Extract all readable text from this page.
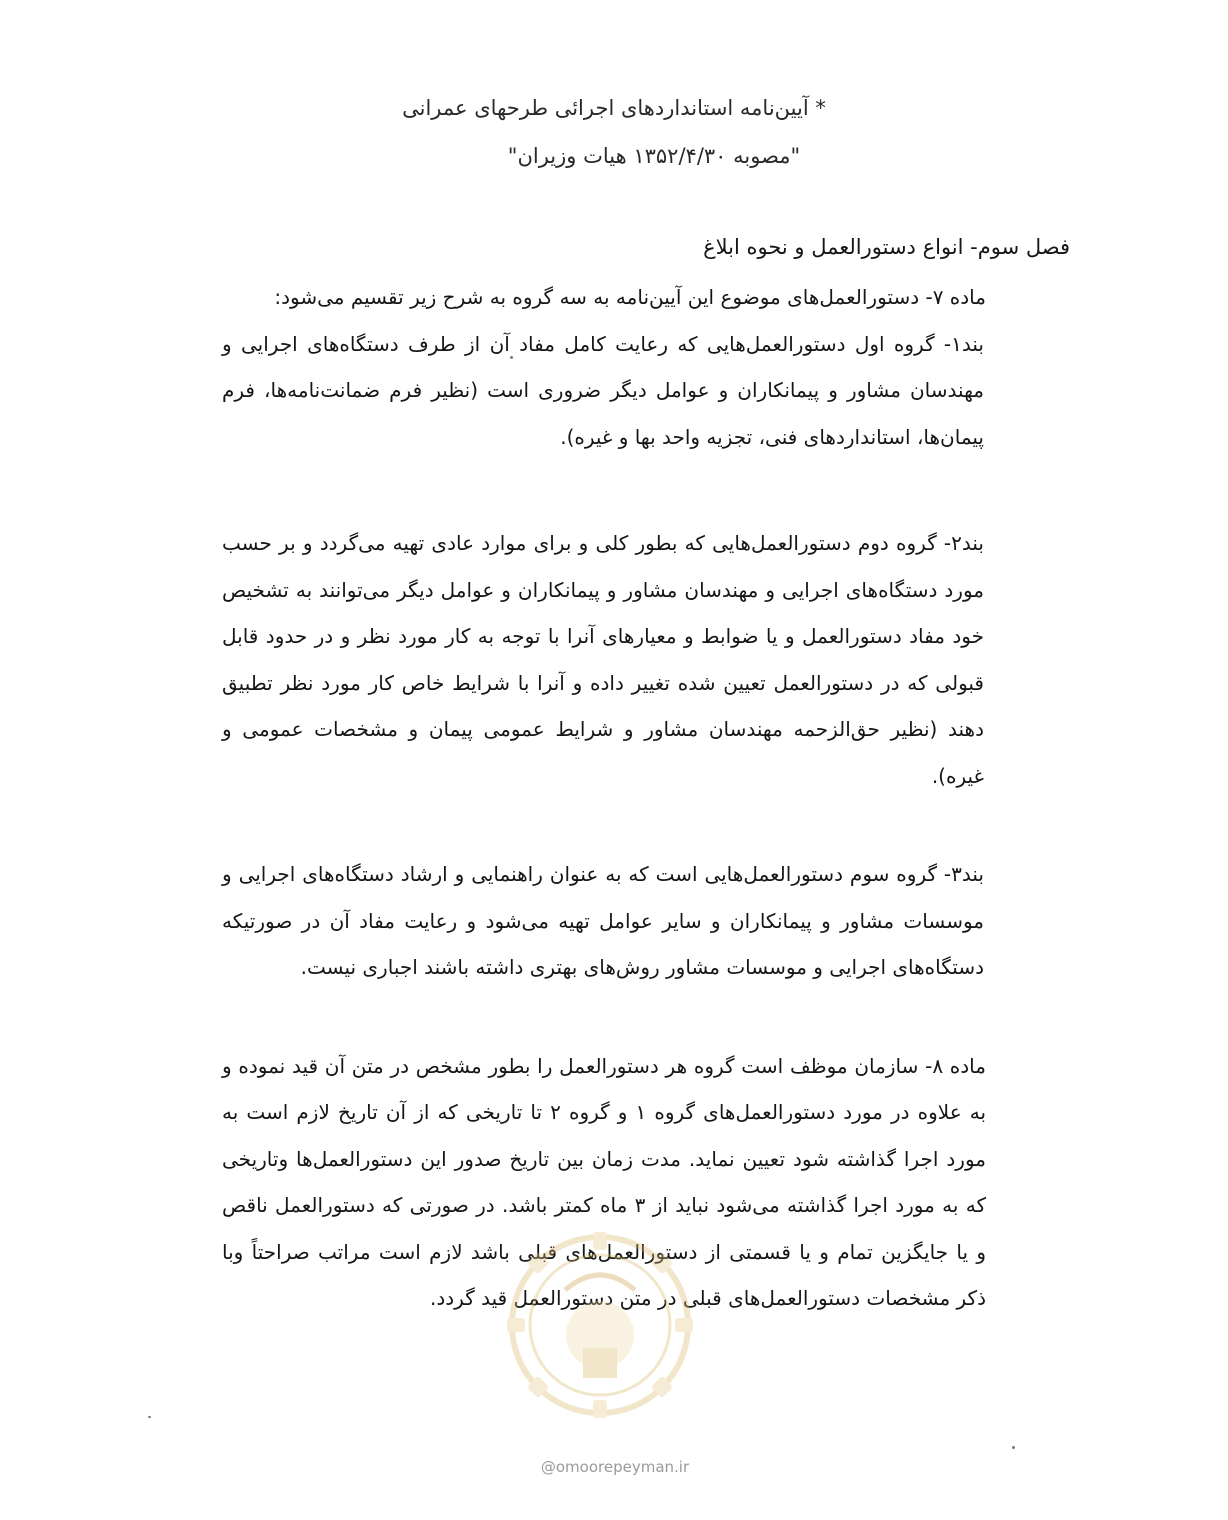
* آیین‌نامه استانداردهای اجرائی طرحهای عمرانی
"مصوبه ۱۳۵۲/۴/۳۰ هیات وزیران"

فصل سوم- انواع دستورالعمل و نحوه ابلاغ

ماده ۷- دستورالعمل‌های موضوع این آیین‌نامه به سه گروه به شرح زیر تقسیم می‌شود:

بند۱- گروه اول دستورالعمل‌هایی که رعایت کامل مفاد آن از طرف دستگاه‌های اجرایی و مهندسان مشاور و پیمانکاران و عوامل دیگر ضروری است (نظیر فرم ضمانت‌نامه‌ها، فرم پیمان‌ها، استانداردهای فنی، تجزیه واحد بها و غیره).

بند۲- گروه دوم دستورالعمل‌هایی که بطور کلی و برای موارد عادی تهیه می‌گردد و بر حسب مورد دستگاه‌های اجرایی و مهندسان مشاور و پیمانکاران و عوامل دیگر می‌توانند به تشخیص خود مفاد دستورالعمل و یا ضوابط و معیارهای آنرا با توجه به کار مورد نظر و در حدود قابل قبولی که در دستورالعمل تعیین شده تغییر داده و آنرا با شرایط خاص کار مورد نظر تطبیق دهند (نظیر حق‌الزحمه مهندسان مشاور و شرایط عمومی پیمان و مشخصات عمومی و غیره).

بند۳- گروه سوم دستورالعمل‌هایی است که به عنوان راهنمایی و ارشاد دستگاه‌های اجرایی و موسسات مشاور و پیمانکاران و سایر عوامل تهیه می‌شود و رعایت مفاد آن در صورتیکه دستگاه‌های اجرایی و موسسات مشاور روش‌های بهتری داشته باشند اجباری نیست.

ماده ۸- سازمان موظف است گروه هر دستورالعمل را بطور مشخص در متن آن قید نموده و به علاوه در مورد دستورالعمل‌های گروه ۱ و گروه ۲ تا تاریخی که از آن تاریخ لازم است به مورد اجرا گذاشته شود تعیین نماید. مدت زمان بین تاریخ صدور این دستورالعمل‌ها وتاریخی که به مورد اجرا گذاشته می‌شود نباید از ۳ ماه کمتر باشد. در صورتی که دستورالعمل ناقص و یا جایگزین تمام و یا قسمتی از دستورالعمل‌های قبلی باشد لازم است مراتب صراحتاً وبا ذکر مشخصات دستورالعمل‌های قبلی در متن دستورالعمل قید گردد.

@omoorepeyman.ir
